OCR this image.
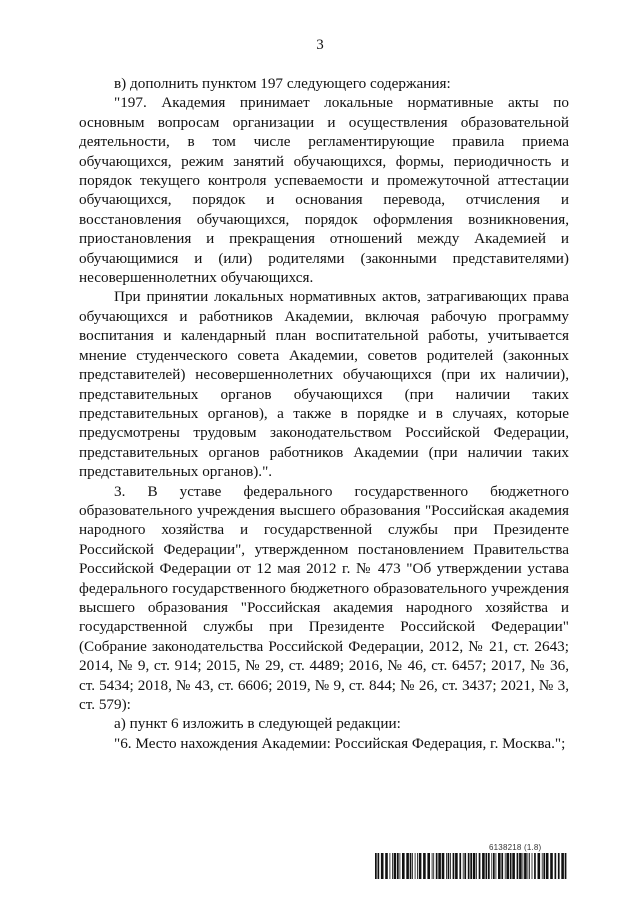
3

в) дополнить пунктом 197 следующего содержания:

"197. Академия принимает локальные нормативные акты по основным вопросам организации и осуществления образовательной деятельности, в том числе регламентирующие правила приема обучающихся, режим занятий обучающихся, формы, периодичность и порядок текущего контроля успеваемости и промежуточной аттестации обучающихся, порядок и основания перевода, отчисления и восстановления обучающихся, порядок оформления возникновения, приостановления и прекращения отношений между Академией и обучающимися и (или) родителями (законными представителями) несовершеннолетних обучающихся.

При принятии локальных нормативных актов, затрагивающих права обучающихся и работников Академии, включая рабочую программу воспитания и календарный план воспитательной работы, учитывается мнение студенческого совета Академии, советов родителей (законных представителей) несовершеннолетних обучающихся (при их наличии), представительных органов обучающихся (при наличии таких представительных органов), а также в порядке и в случаях, которые предусмотрены трудовым законодательством Российской Федерации, представительных органов работников Академии (при наличии таких представительных органов).".

3. В уставе федерального государственного бюджетного образовательного учреждения высшего образования "Российская академия народного хозяйства и государственной службы при Президенте Российской Федерации", утвержденном постановлением Правительства Российской Федерации от 12 мая 2012 г. № 473 "Об утверждении устава федерального государственного бюджетного образовательного учреждения высшего образования "Российская академия народного хозяйства и государственной службы при Президенте Российской Федерации" (Собрание законодательства Российской Федерации, 2012, № 21, ст. 2643; 2014, № 9, ст. 914; 2015, № 29, ст. 4489; 2016, № 46, ст. 6457; 2017, № 36, ст. 5434; 2018, № 43, ст. 6606; 2019, № 9, ст. 844; № 26, ст. 3437; 2021, № 3, ст. 579):

а) пункт 6 изложить в следующей редакции:

"6. Место нахождения Академии: Российская Федерация, г. Москва.";

6138218 (1.8)
